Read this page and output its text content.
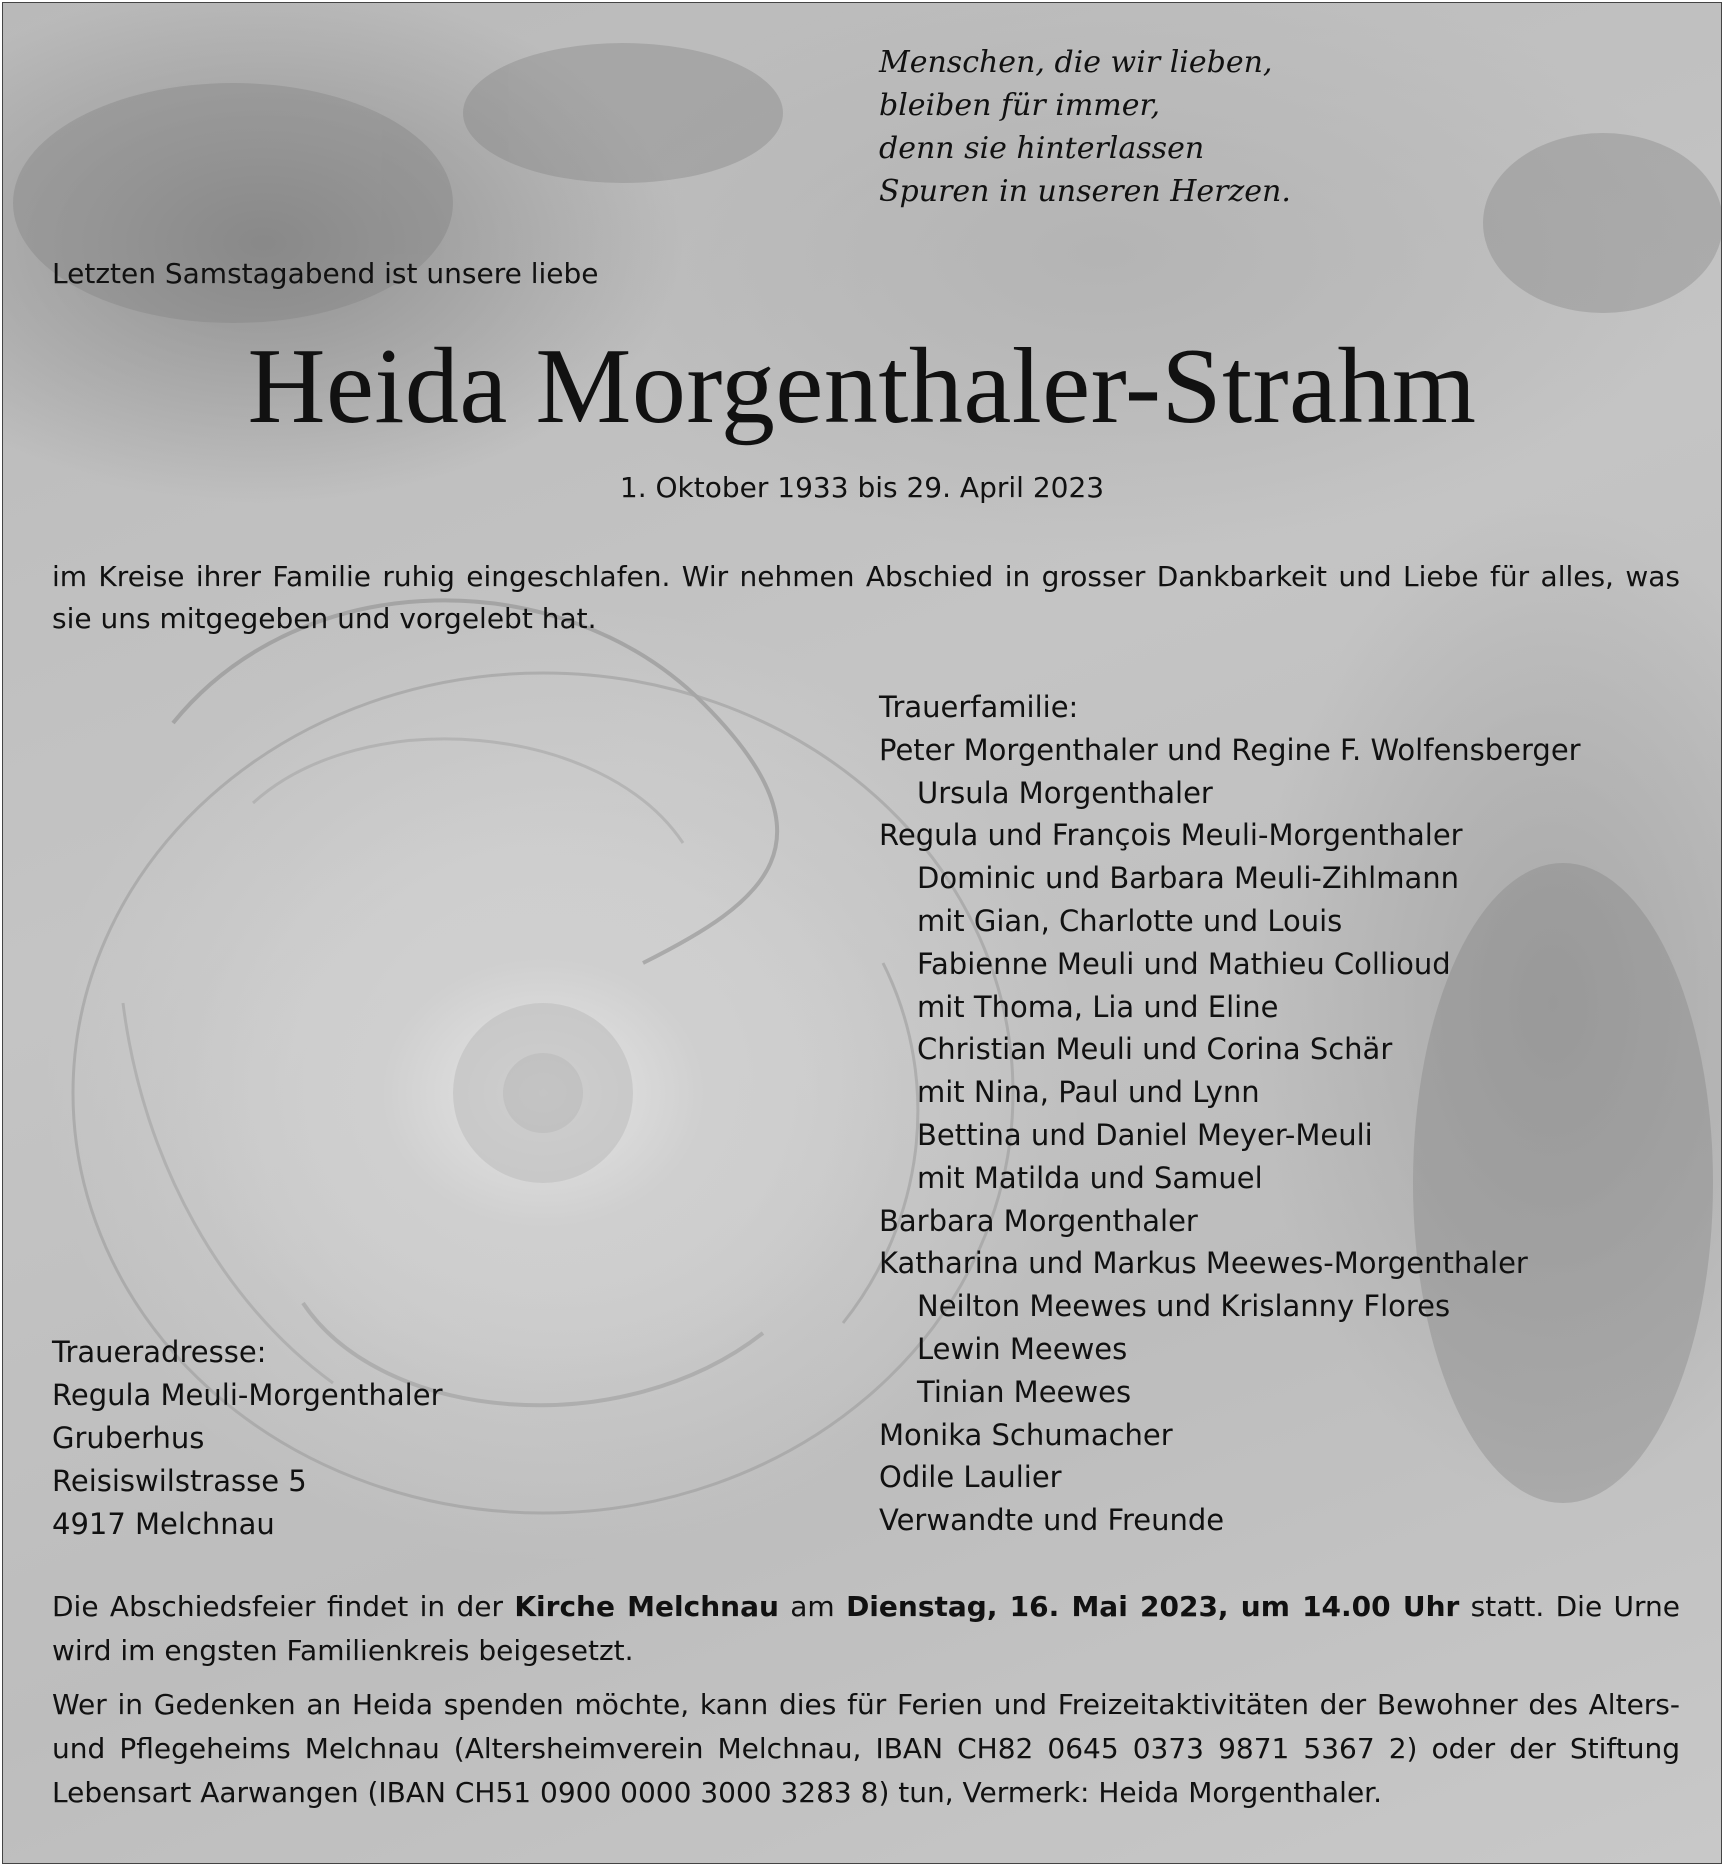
Menschen, die wir lieben,
bleiben für immer,
denn sie hinterlassen
Spuren in unseren Herzen.
Letzten Samstagabend ist unsere liebe
Heida Morgenthaler-Strahm
1. Oktober 1933 bis 29. April 2023
im Kreise ihrer Familie ruhig eingeschlafen. Wir nehmen Abschied in grosser Dankbarkeit und Liebe für alles, was sie uns mitgegeben und vorgelebt hat.
Trauerfamilie:
Peter Morgenthaler und Regine F. Wolfensberger
Ursula Morgenthaler
Regula und François Meuli-Morgenthaler
Dominic und Barbara Meuli-Zihlmann
mit Gian, Charlotte und Louis
Fabienne Meuli und Mathieu Collioud
mit Thoma, Lia und Eline
Christian Meuli und Corina Schär
mit Nina, Paul und Lynn
Bettina und Daniel Meyer-Meuli
mit Matilda und Samuel
Barbara Morgenthaler
Katharina und Markus Meewes-Morgenthaler
Neilton Meewes und Krislanny Flores
Lewin Meewes
Tinian Meewes
Monika Schumacher
Odile Laulier
Verwandte und Freunde
Traueradresse:
Regula Meuli-Morgenthaler
Gruberhus
Reisiswilstrasse 5
4917 Melchnau
Die Abschiedsfeier findet in der Kirche Melchnau am Dienstag, 16. Mai 2023, um 14.00 Uhr statt. Die Urne wird im engsten Familienkreis beigesetzt.
Wer in Gedenken an Heida spenden möchte, kann dies für Ferien und Freizeitaktivitäten der Bewohner des Alters- und Pflegeheims Melchnau (Altersheimverein Melchnau, IBAN CH82 0645 0373 9871 5367 2) oder der Stiftung Lebensart Aarwangen (IBAN CH51 0900 0000 3000 3283 8) tun, Vermerk: Heida Morgenthaler.
